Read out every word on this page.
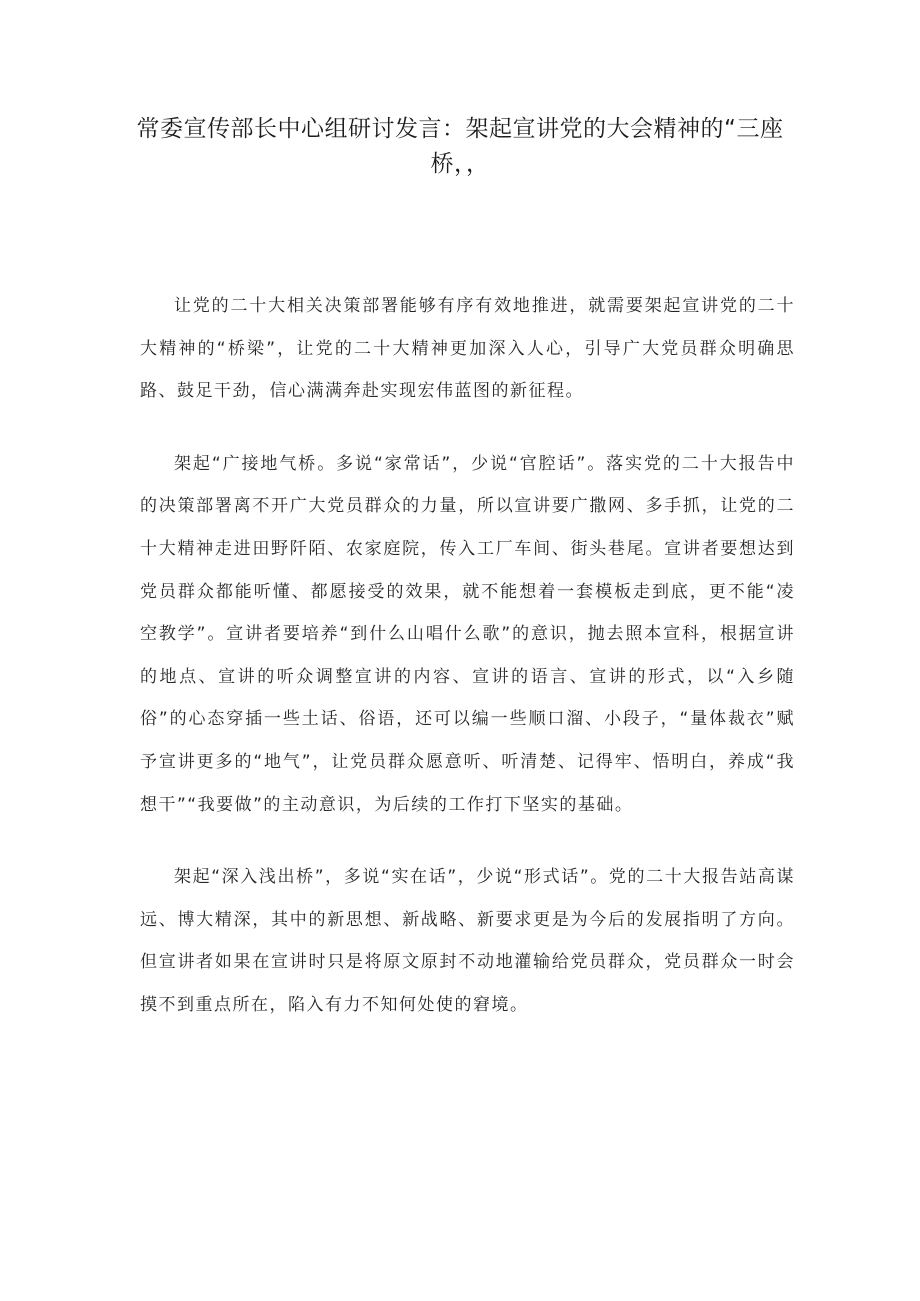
常委宣传部长中心组研讨发言：架起宣讲党的大会精神的“三座桥，，

让党的二十大相关决策部署能够有序有效地推进，就需要架起宣讲党的二十大精神的“桥梁”，让党的二十大精神更加深入人心，引导广大党员群众明确思路、鼓足干劲，信心满满奔赴实现宏伟蓝图的新征程。

架起“广接地气桥。多说“家常话”，少说“官腔话”。落实党的二十大报告中的决策部署离不开广大党员群众的力量，所以宣讲要广撒网、多手抓，让党的二十大精神走进田野阡陌、农家庭院，传入工厂车间、街头巷尾。宣讲者要想达到党员群众都能听懂、都愿接受的效果，就不能想着一套模板走到底，更不能“凌空教学”。宣讲者要培养“到什么山唱什么歌”的意识，抛去照本宣科，根据宣讲的地点、宣讲的听众调整宣讲的内容、宣讲的语言、宣讲的形式，以“入乡随俗”的心态穿插一些土话、俗语，还可以编一些顺口溜、小段子，“量体裁衣”赋予宣讲更多的“地气”，让党员群众愿意听、听清楚、记得牢、悟明白，养成“我想干”“我要做”的主动意识，为后续的工作打下坚实的基础。

架起“深入浅出桥”，多说“实在话”，少说“形式话”。党的二十大报告站高谋远、博大精深，其中的新思想、新战略、新要求更是为今后的发展指明了方向。但宣讲者如果在宣讲时只是将原文原封不动地灌输给党员群众，党员群众一时会摸不到重点所在，陷入有力不知何处使的窘境。
